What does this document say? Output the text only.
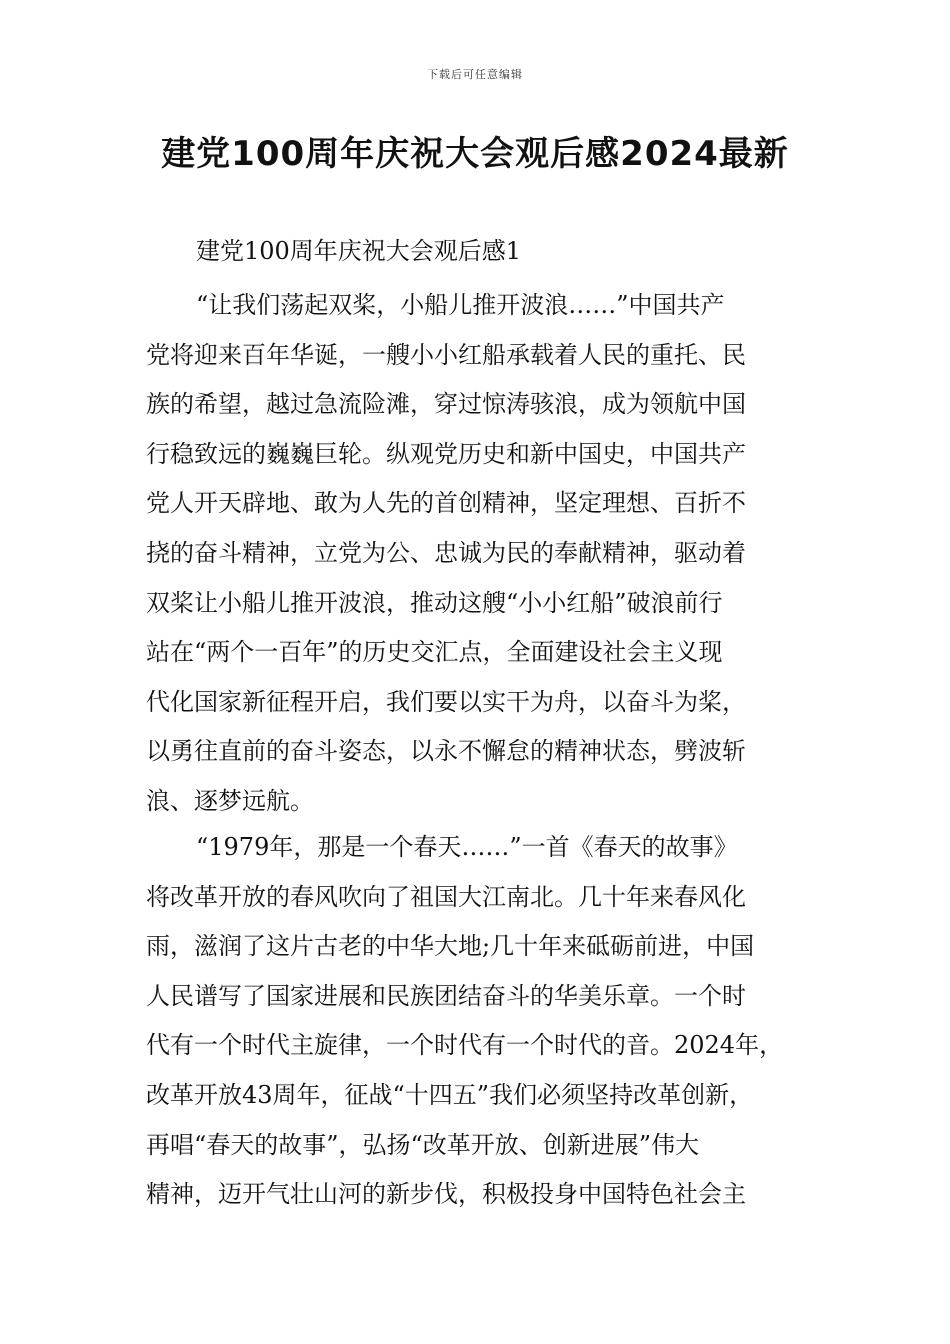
下载后可任意编辑
建党100周年庆祝大会观后感2024最新
建党100周年庆祝大会观后感1
“让我们荡起双桨，小船儿推开波浪……”中国共产
党将迎来百年华诞，一艘小小红船承载着人民的重托、民
族的希望，越过急流险滩，穿过惊涛骇浪，成为领航中国
行稳致远的巍巍巨轮。纵观党历史和新中国史，中国共产
党人开天辟地、敢为人先的首创精神，坚定理想、百折不
挠的奋斗精神，立党为公、忠诚为民的奉献精神，驱动着
双桨让小船儿推开波浪，推动这艘“小小红船”破浪前行
站在“两个一百年”的历史交汇点，全面建设社会主义现
代化国家新征程开启，我们要以实干为舟，以奋斗为桨，
以勇往直前的奋斗姿态，以永不懈怠的精神状态，劈波斩
浪、逐梦远航。
“1979年，那是一个春天……”一首《春天的故事》
将改革开放的春风吹向了祖国大江南北。几十年来春风化
雨，滋润了这片古老的中华大地;几十年来砥砺前进，中国
人民谱写了国家进展和民族团结奋斗的华美乐章。一个时
代有一个时代主旋律，一个时代有一个时代的音。2024年，
改革开放43周年，征战“十四五”我们必须坚持改革创新，
再唱“春天的故事”，弘扬“改革开放、创新进展”伟大
精神，迈开气壮山河的新步伐，积极投身中国特色社会主
